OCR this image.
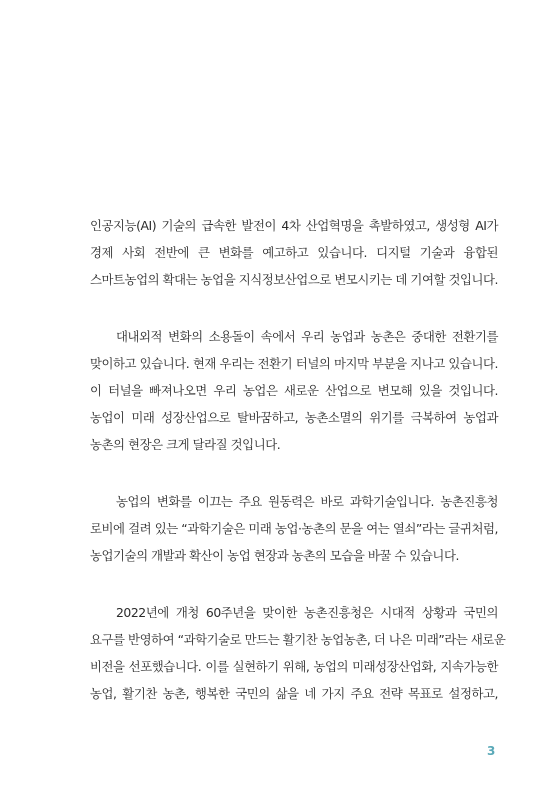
인공지능(AI) 기술의 급속한 발전이 4차 산업혁명을 촉발하였고, 생성형 AI가
경제 사회 전반에 큰 변화를 예고하고 있습니다. 디지털 기술과 융합된
스마트농업의 확대는 농업을 지식정보산업으로 변모시키는 데 기여할 것입니다.

대내외적 변화의 소용돌이 속에서 우리 농업과 농촌은 중대한 전환기를
맞이하고 있습니다. 현재 우리는 전환기 터널의 마지막 부분을 지나고 있습니다.
이 터널을 빠져나오면 우리 농업은 새로운 산업으로 변모해 있을 것입니다.
농업이 미래 성장산업으로 탈바꿈하고, 농촌소멸의 위기를 극복하여 농업과
농촌의 현장은 크게 달라질 것입니다.

농업의 변화를 이끄는 주요 원동력은 바로 과학기술입니다. 농촌진흥청
로비에 걸려 있는 “과학기술은 미래 농업·농촌의 문을 여는 열쇠”라는 글귀처럼,
농업기술의 개발과 확산이 농업 현장과 농촌의 모습을 바꿀 수 있습니다.

2022년에 개청 60주년을 맞이한 농촌진흥청은 시대적 상황과 국민의
요구를 반영하여 “과학기술로 만드는 활기찬 농업농촌, 더 나은 미래”라는 새로운
비전을 선포했습니다. 이를 실현하기 위해, 농업의 미래성장산업화, 지속가능한
농업, 활기찬 농촌, 행복한 국민의 삶을 네 가지 주요 전략 목표로 설정하고,

3
